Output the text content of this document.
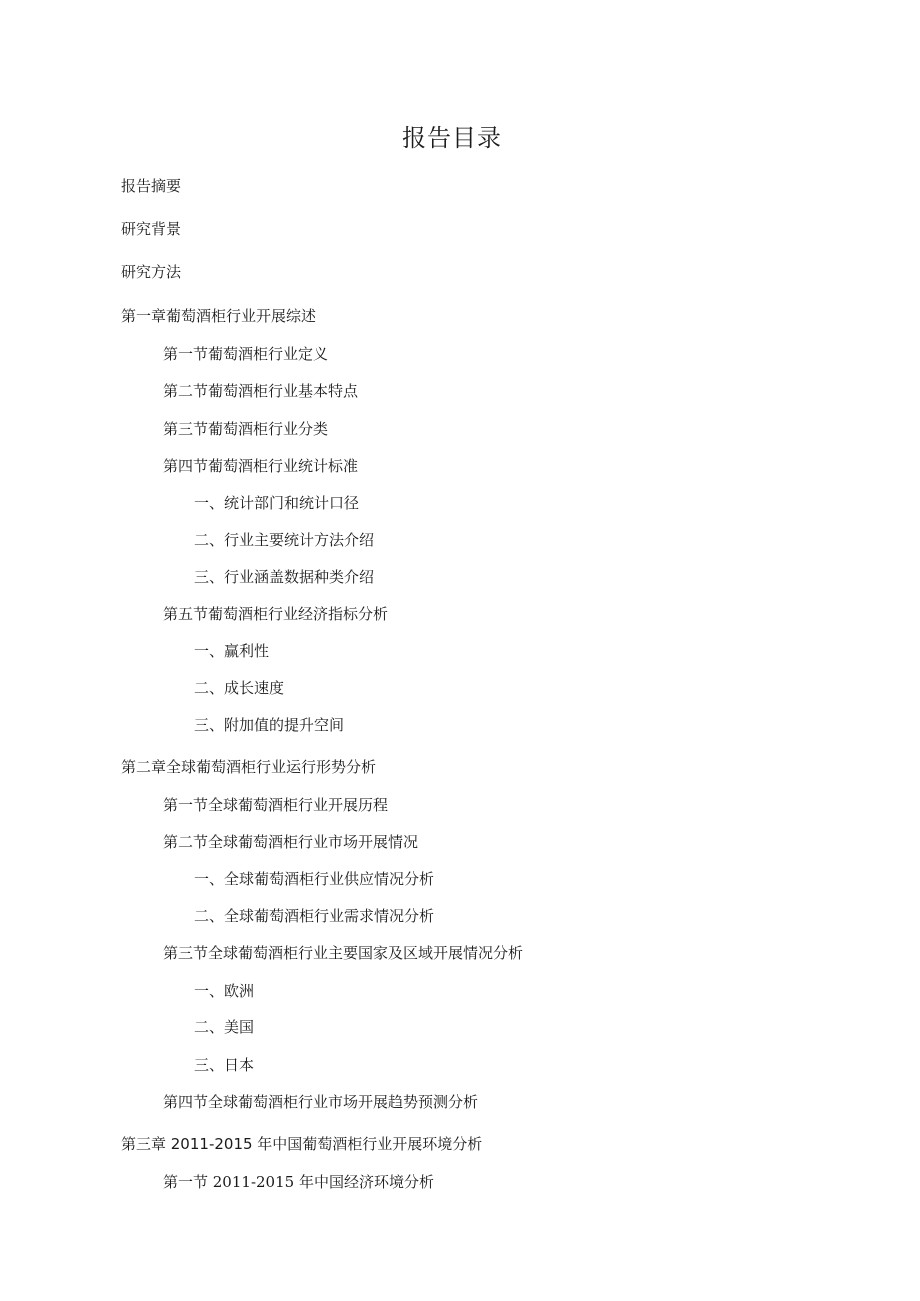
报告目录
报告摘要
研究背景
研究方法
第一章葡萄酒柜行业开展综述
第一节葡萄酒柜行业定义
第二节葡萄酒柜行业基本特点
第三节葡萄酒柜行业分类
第四节葡萄酒柜行业统计标准
一、统计部门和统计口径
二、行业主要统计方法介绍
三、行业涵盖数据种类介绍
第五节葡萄酒柜行业经济指标分析
一、赢利性
二、成长速度
三、附加值的提升空间
第二章全球葡萄酒柜行业运行形势分析
第一节全球葡萄酒柜行业开展历程
第二节全球葡萄酒柜行业市场开展情况
一、全球葡萄酒柜行业供应情况分析
二、全球葡萄酒柜行业需求情况分析
第三节全球葡萄酒柜行业主要国家及区域开展情况分析
一、欧洲
二、美国
三、日本
第四节全球葡萄酒柜行业市场开展趋势预测分析
第三章 2011-2015 年中国葡萄酒柜行业开展环境分析
第一节 2011-2015 年中国经济环境分析
